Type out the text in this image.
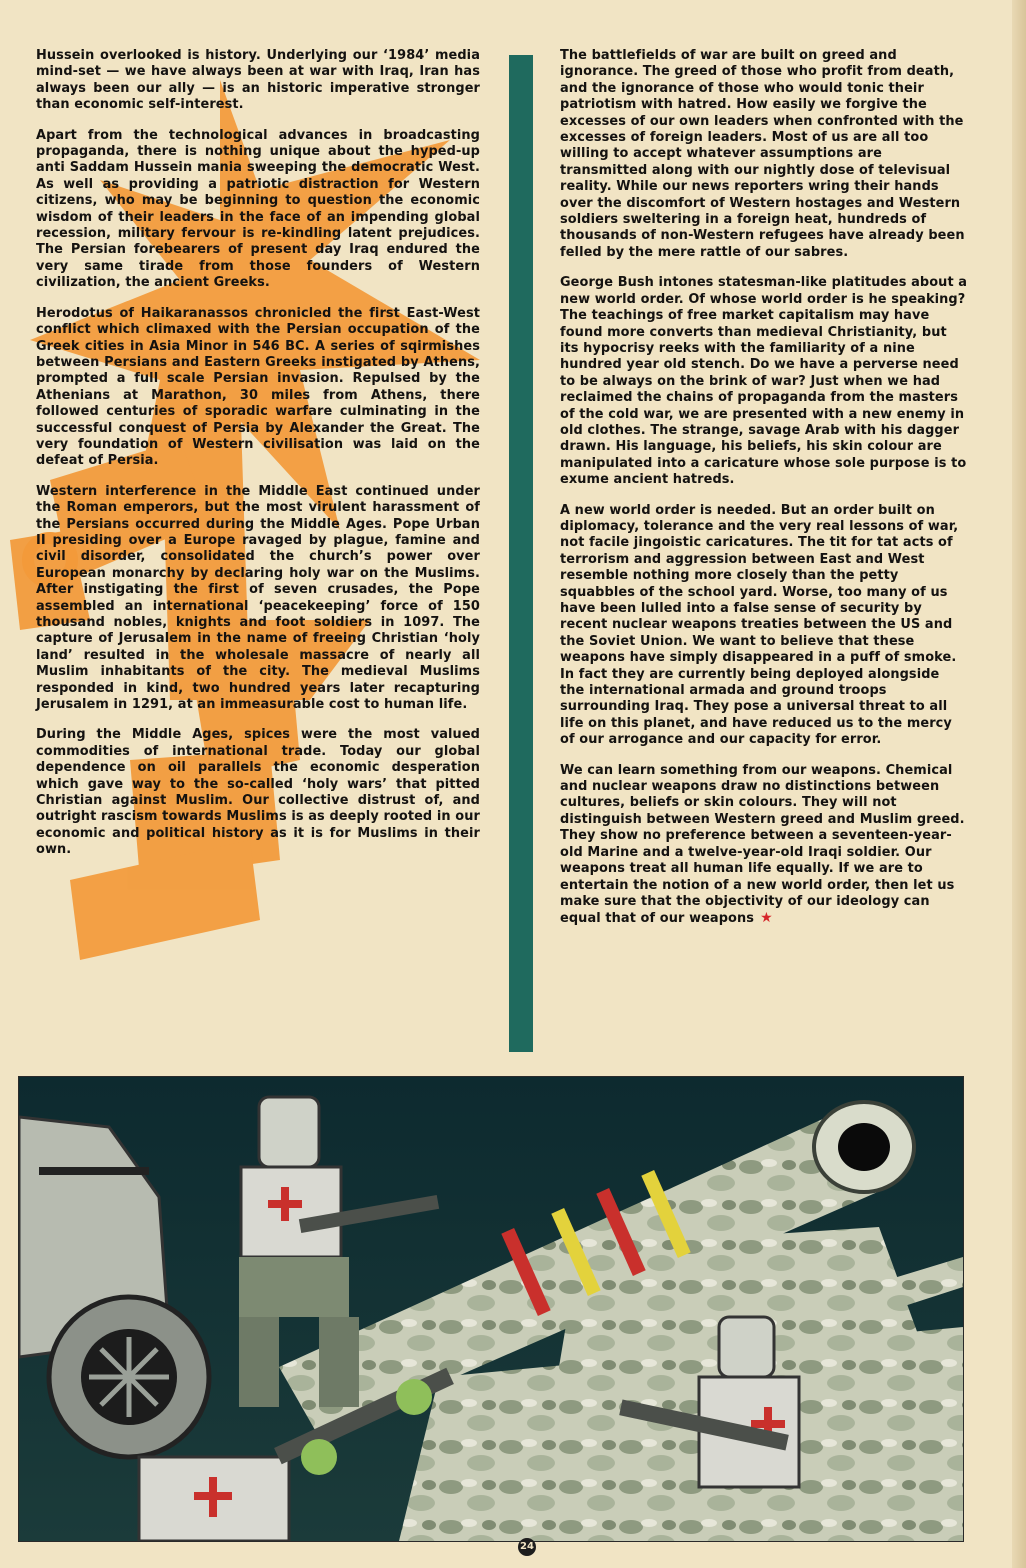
Hussein overlooked is history. Underlying our ‘1984’ media mind-set — we have always been at war with Iraq, Iran has always been our ally — is an historic imperative stronger than economic self-interest.

Apart from the technological advances in broadcasting propaganda, there is nothing unique about the hyped-up anti Saddam Hussein mania sweeping the democratic West. As well as providing a patriotic distraction for Western citizens, who may be beginning to question the economic wisdom of their leaders in the face of an impending global recession, military fervour is re-kindling latent prejudices. The Persian forebearers of present day Iraq endured the very same tirade from those founders of Western civilization, the ancient Greeks.

Herodotus of Haikaranassos chronicled the first East-West conflict which climaxed with the Persian occupation of the Greek cities in Asia Minor in 546 BC. A series of sqirmishes between Persians and Eastern Greeks instigated by Athens, prompted a full scale Persian invasion. Repulsed by the Athenians at Marathon, 30 miles from Athens, there followed centuries of sporadic warfare culminating in the successful conquest of Persia by Alexander the Great. The very foundation of Western civilisation was laid on the defeat of Persia.

Western interference in the Middle East continued under the Roman emperors, but the most virulent harassment of the Persians occurred during the Middle Ages. Pope Urban II presiding over a Europe ravaged by plague, famine and civil disorder, consolidated the church’s power over European monarchy by declaring holy war on the Muslims. After instigating the first of seven crusades, the Pope assembled an international ‘peacekeeping’ force of 150 thousand nobles, knights and foot soldiers in 1097. The capture of Jerusalem in the name of freeing Christian ‘holy land’ resulted in the wholesale massacre of nearly all Muslim inhabitants of the city. The medieval Muslims responded in kind, two hundred years later recapturing Jerusalem in 1291, at an immeasurable cost to human life.

During the Middle Ages, spices were the most valued commodities of international trade. Today our global dependence on oil parallels the economic desperation which gave way to the so-called ‘holy wars’ that pitted Christian against Muslim. Our collective distrust of, and outright rascism towards Muslims is as deeply rooted in our economic and political history as it is for Muslims in their own.

The battlefields of war are built on greed and ignorance. The greed of those who profit from death, and the ignorance of those who would tonic their patriotism with hatred. How easily we forgive the excesses of our own leaders when confronted with the excesses of foreign leaders. Most of us are all too willing to accept whatever assumptions are transmitted along with our nightly dose of televisual reality. While our news reporters wring their hands over the discomfort of Western hostages and Western soldiers sweltering in a foreign heat, hundreds of thousands of non-Western refugees have already been felled by the mere rattle of our sabres.

George Bush intones statesman-like platitudes about a new world order. Of whose world order is he speaking? The teachings of free market capitalism may have found more converts than medieval Christianity, but its hypocrisy reeks with the familiarity of a nine hundred year old stench. Do we have a perverse need to be always on the brink of war? Just when we had reclaimed the chains of propaganda from the masters of the cold war, we are presented with a new enemy in old clothes. The strange, savage Arab with his dagger drawn. His language, his beliefs, his skin colour are manipulated into a caricature whose sole purpose is to exume ancient hatreds.

A new world order is needed. But an order built on diplomacy, tolerance and the very real lessons of war, not facile jingoistic caricatures. The tit for tat acts of terrorism and aggression between East and West resemble nothing more closely than the petty squabbles of the school yard. Worse, too many of us have been lulled into a false sense of security by recent nuclear weapons treaties between the US and the Soviet Union. We want to believe that these weapons have simply disappeared in a puff of smoke. In fact they are currently being deployed alongside the international armada and ground troops surrounding Iraq. They pose a universal threat to all life on this planet, and have reduced us to the mercy of our arrogance and our capacity for error.

We can learn something from our weapons. Chemical and nuclear weapons draw no distinctions between cultures, beliefs or skin colours. They will not distinguish between Western greed and Muslim greed. They show no preference between a seventeen-year-old Marine and a twelve-year-old Iraqi soldier. Our weapons treat all human life equally. If we are to entertain the notion of a new world order, then let us make sure that the objectivity of our ideology can equal that of our weapons ★

24
